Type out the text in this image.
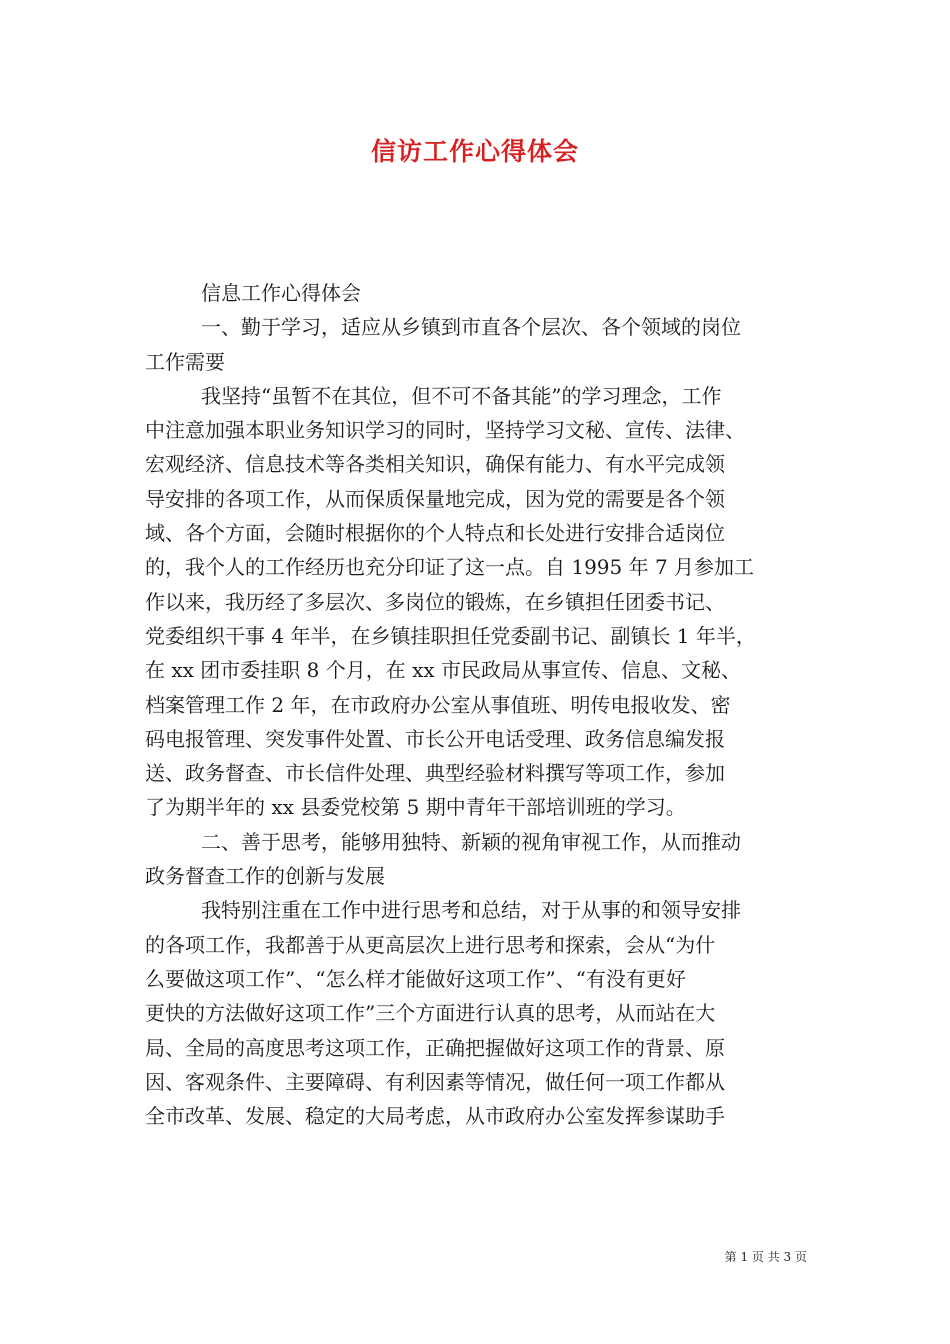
信访工作心得体会
信息工作心得体会
一、勤于学习，适应从乡镇到市直各个层次、各个领域的岗位
工作需要
我坚持“虽暂不在其位，但不可不备其能”的学习理念，工作
中注意加强本职业务知识学习的同时，坚持学习文秘、宣传、法律、
宏观经济、信息技术等各类相关知识，确保有能力、有水平完成领
导安排的各项工作，从而保质保量地完成，因为党的需要是各个领
域、各个方面，会随时根据你的个人特点和长处进行安排合适岗位
的，我个人的工作经历也充分印证了这一点。自 1995 年 7 月参加工
作以来，我历经了多层次、多岗位的锻炼，在乡镇担任团委书记、
党委组织干事 4 年半，在乡镇挂职担任党委副书记、副镇长 1 年半，
在 xx 团市委挂职 8 个月，在 xx 市民政局从事宣传、信息、文秘、
档案管理工作 2 年，在市政府办公室从事值班、明传电报收发、密
码电报管理、突发事件处置、市长公开电话受理、政务信息编发报
送、政务督查、市长信件处理、典型经验材料撰写等项工作，参加
了为期半年的 xx 县委党校第 5 期中青年干部培训班的学习。
二、善于思考，能够用独特、新颖的视角审视工作，从而推动
政务督查工作的创新与发展
我特别注重在工作中进行思考和总结，对于从事的和领导安排
的各项工作，我都善于从更高层次上进行思考和探索，会从“为什
么要做这项工作”、“怎么样才能做好这项工作”、“有没有更好
更快的方法做好这项工作”三个方面进行认真的思考，从而站在大
局、全局的高度思考这项工作，正确把握做好这项工作的背景、原
因、客观条件、主要障碍、有利因素等情况，做任何一项工作都从
全市改革、发展、稳定的大局考虑，从市政府办公室发挥参谋助手
第 1 页 共 3 页
